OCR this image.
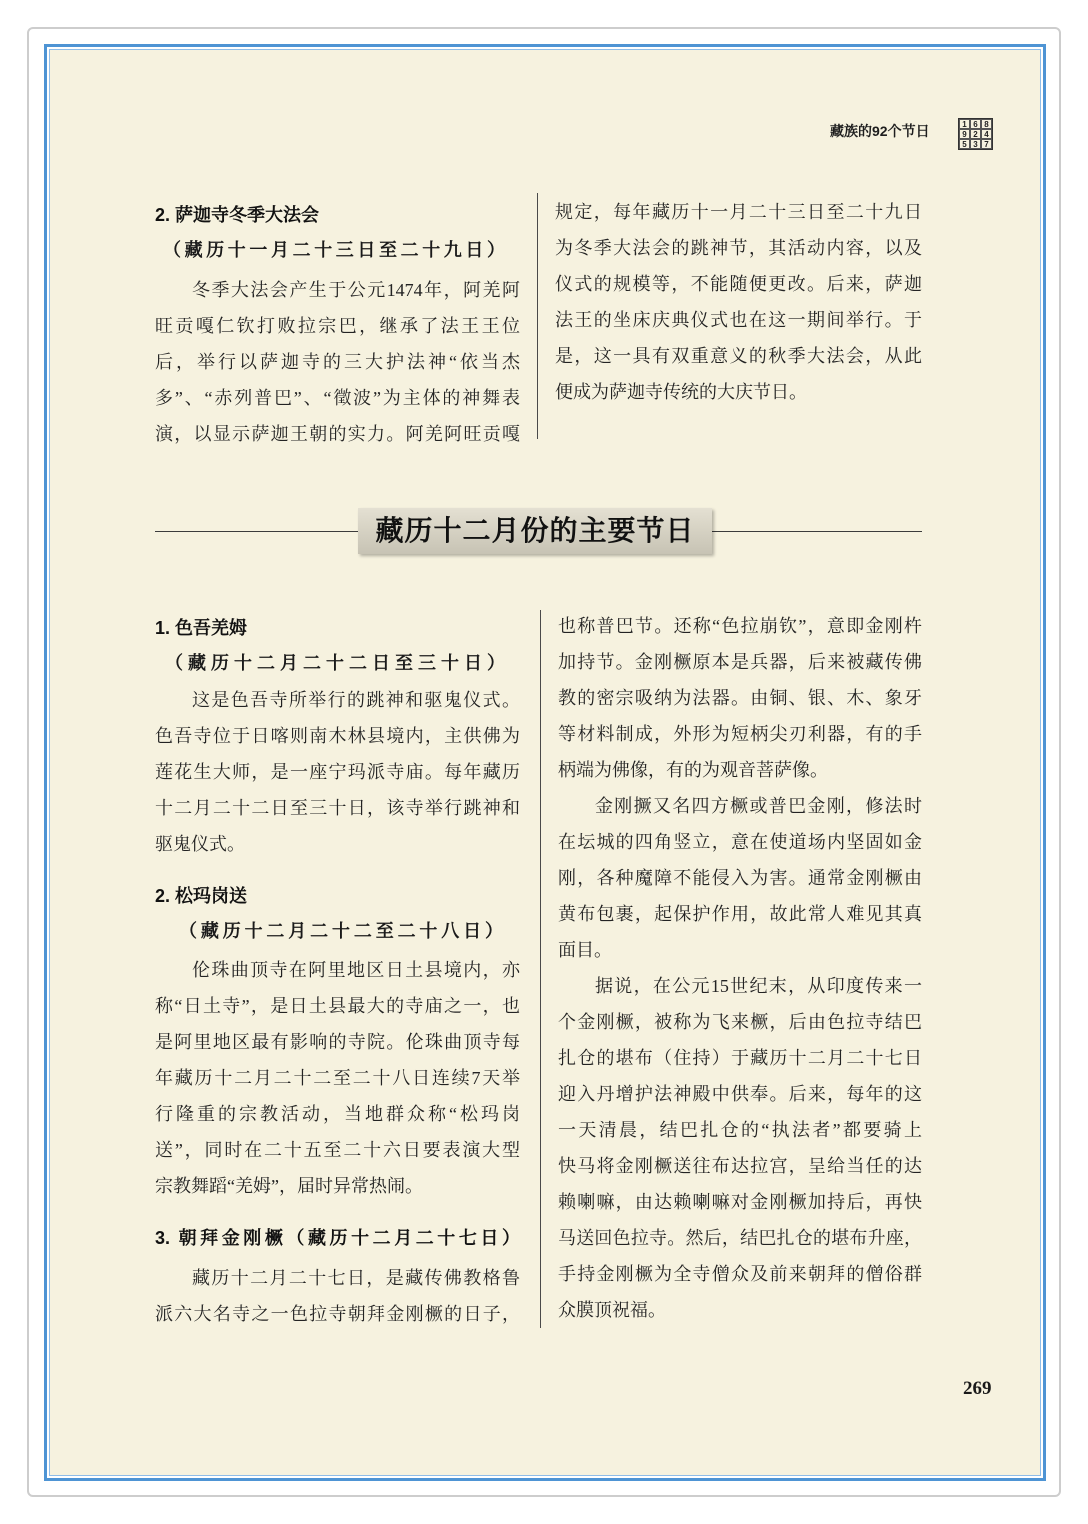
藏族的92个节日	1 6 8
9 2 4
5 3 7
2. 萨迦寺冬季大法会
（藏历十一月二十三日至二十九日）
冬季大法会产生于公元1474年，阿羌阿
旺贡嘎仁钦打败拉宗巴，继承了法王王位
后，举行以萨迦寺的三大护法神“依当杰
多”、“赤列普巴”、“徵波”为主体的神舞表
演，以显示萨迦王朝的实力。阿羌阿旺贡嘎
规定，每年藏历十一月二十三日至二十九日
为冬季大法会的跳神节，其活动内容，以及
仪式的规模等，不能随便更改。后来，萨迦
法王的坐床庆典仪式也在这一期间举行。于
是，这一具有双重意义的秋季大法会，从此
便成为萨迦寺传统的大庆节日。
藏历十二月份的主要节日
1. 色吾羌姆
（藏历十二月二十二日至三十日）
这是色吾寺所举行的跳神和驱鬼仪式。
色吾寺位于日喀则南木林县境内，主供佛为
莲花生大师，是一座宁玛派寺庙。每年藏历
十二月二十二日至三十日，该寺举行跳神和
驱鬼仪式。
2. 松玛岗送
（藏历十二月二十二至二十八日）
伦珠曲顶寺在阿里地区日土县境内，亦
称“日土寺”，是日土县最大的寺庙之一，也
是阿里地区最有影响的寺院。伦珠曲顶寺每
年藏历十二月二十二至二十八日连续7天举
行隆重的宗教活动，当地群众称“松玛岗
送”，同时在二十五至二十六日要表演大型
宗教舞蹈“羌姆”，届时异常热闹。
3. 朝拜金刚橛（藏历十二月二十七日）
藏历十二月二十七日，是藏传佛教格鲁
派六大名寺之一色拉寺朝拜金刚橛的日子，
也称普巴节。还称“色拉崩钦”，意即金刚杵
加持节。金刚橛原本是兵器，后来被藏传佛
教的密宗吸纳为法器。由铜、银、木、象牙
等材料制成，外形为短柄尖刃利器，有的手
柄端为佛像，有的为观音菩萨像。
金刚撅又名四方橛或普巴金刚，修法时
在坛城的四角竖立，意在使道场内坚固如金
刚，各种魔障不能侵入为害。通常金刚橛由
黄布包裹，起保护作用，故此常人难见其真
面目。
据说，在公元15世纪末，从印度传来一
个金刚橛，被称为飞来橛，后由色拉寺结巴
扎仓的堪布（住持）于藏历十二月二十七日
迎入丹增护法神殿中供奉。后来，每年的这
一天清晨，结巴扎仓的“执法者”都要骑上
快马将金刚橛送往布达拉宫，呈给当任的达
赖喇嘛，由达赖喇嘛对金刚橛加持后，再快
马送回色拉寺。然后，结巴扎仓的堪布升座，
手持金刚橛为全寺僧众及前来朝拜的僧俗群
众膜顶祝福。
269
